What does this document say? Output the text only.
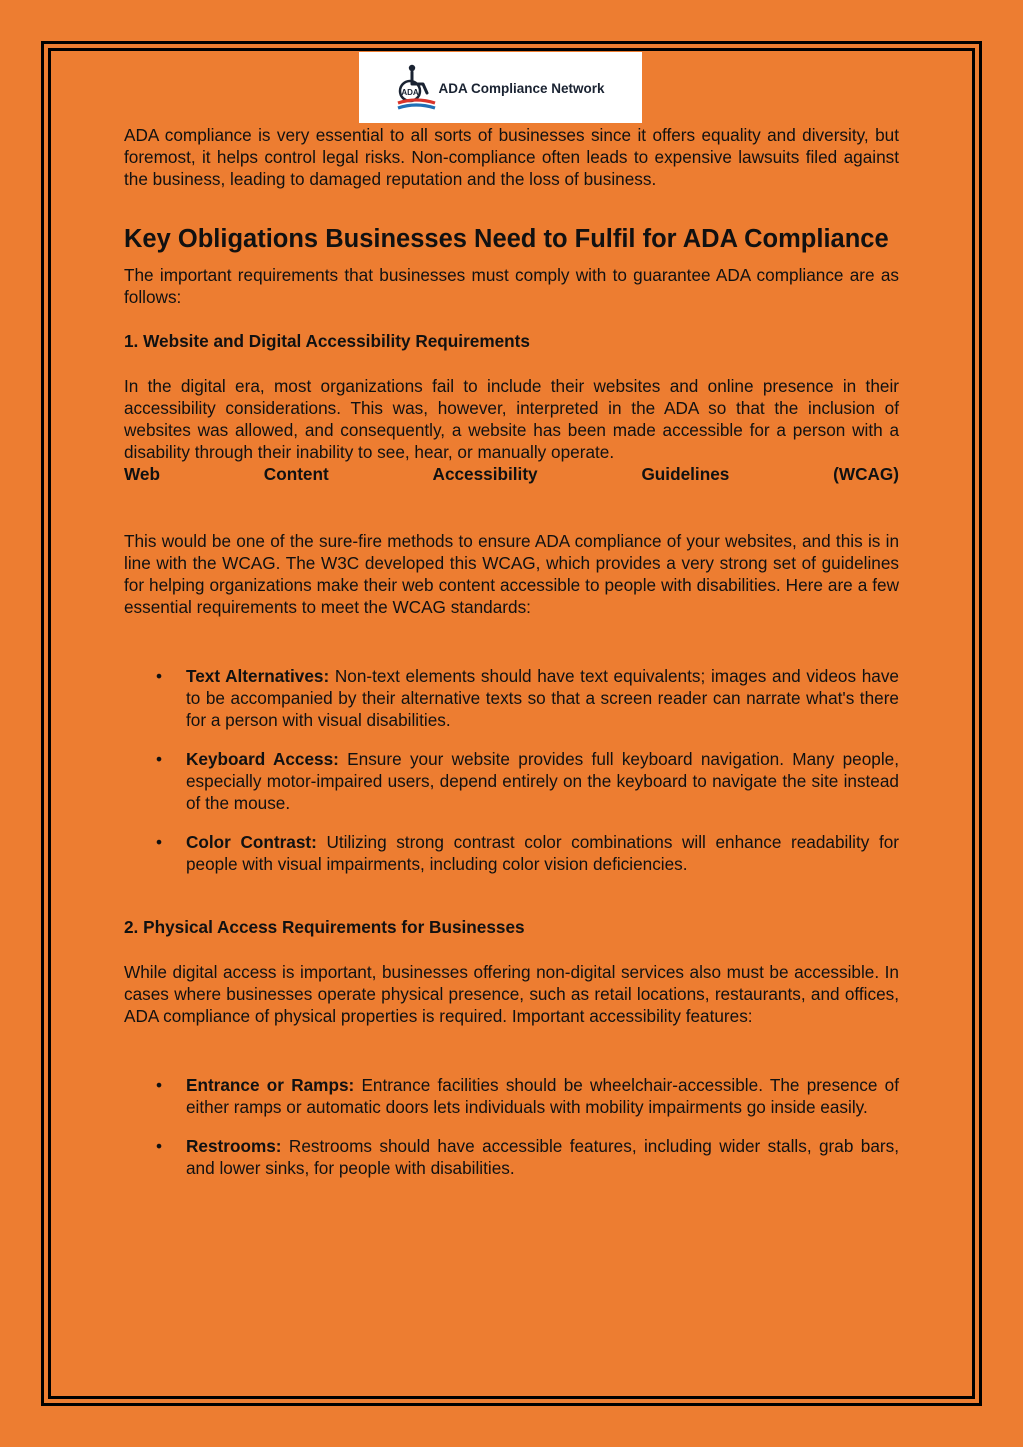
ADA ADA Compliance Network

ADA compliance is very essential to all sorts of businesses since it offers equality and diversity, but foremost, it helps control legal risks. Non-compliance often leads to expensive lawsuits filed against the business, leading to damaged reputation and the loss of business.

Key Obligations Businesses Need to Fulfil for ADA Compliance

The important requirements that businesses must comply with to guarantee ADA compliance are as follows:

1. Website and Digital Accessibility Requirements

In the digital era, most organizations fail to include their websites and online presence in their accessibility considerations. This was, however, interpreted in the ADA so that the inclusion of websites was allowed, and consequently, a website has been made accessible for a person with a disability through their inability to see, hear, or manually operate.

Web	Content	Accessibility	Guidelines	(WCAG)

This would be one of the sure-fire methods to ensure ADA compliance of your websites, and this is in line with the WCAG. The W3C developed this WCAG, which provides a very strong set of guidelines for helping organizations make their web content accessible to people with disabilities. Here are a few essential requirements to meet the WCAG standards:

• Text Alternatives: Non-text elements should have text equivalents; images and videos have to be accompanied by their alternative texts so that a screen reader can narrate what's there for a person with visual disabilities.
• Keyboard Access: Ensure your website provides full keyboard navigation. Many people, especially motor-impaired users, depend entirely on the keyboard to navigate the site instead of the mouse.
• Color Contrast: Utilizing strong contrast color combinations will enhance readability for people with visual impairments, including color vision deficiencies.

2. Physical Access Requirements for Businesses

While digital access is important, businesses offering non-digital services also must be accessible. In cases where businesses operate physical presence, such as retail locations, restaurants, and offices, ADA compliance of physical properties is required. Important accessibility features:

• Entrance or Ramps: Entrance facilities should be wheelchair-accessible. The presence of either ramps or automatic doors lets individuals with mobility impairments go inside easily.
• Restrooms: Restrooms should have accessible features, including wider stalls, grab bars, and lower sinks, for people with disabilities.
